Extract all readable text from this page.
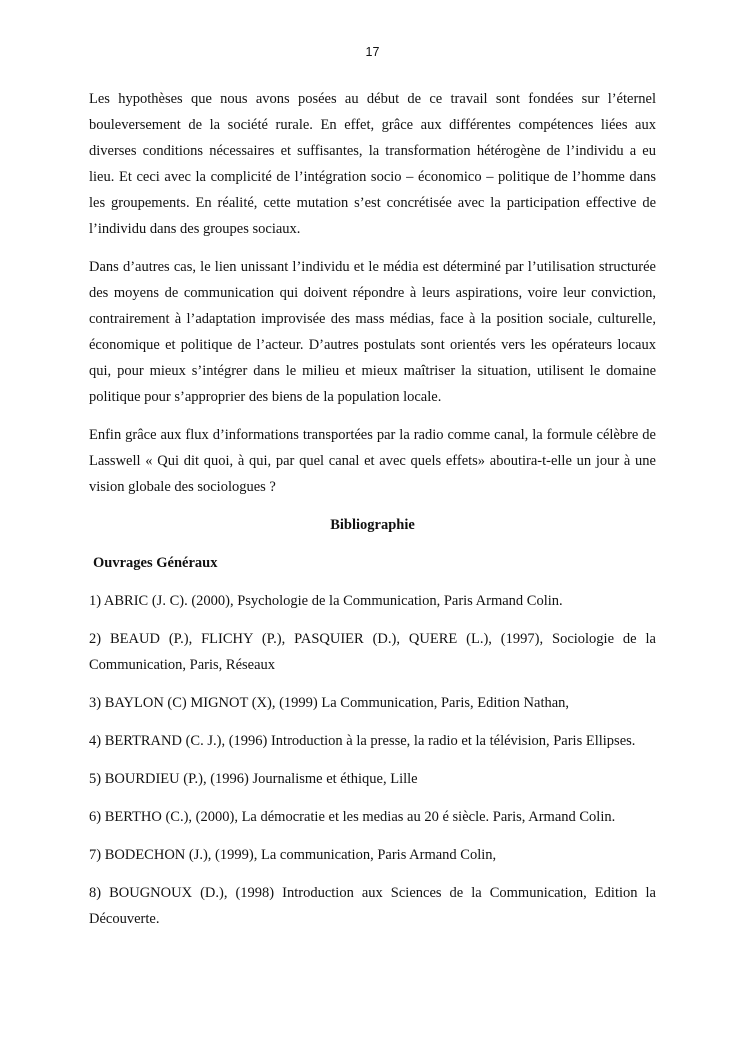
17

Les hypothèses que nous avons posées au début de ce travail sont fondées sur l’éternel bouleversement de la société rurale. En effet, grâce aux différentes compétences liées aux diverses conditions nécessaires et suffisantes, la transformation hétérogène de l’individu a eu lieu. Et ceci avec la complicité de l’intégration socio – économico – politique de l’homme dans les groupements. En réalité, cette mutation s’est concrétisée avec la participation effective de l’individu dans des groupes sociaux.

Dans d’autres cas, le lien unissant l’individu et le média est déterminé par l’utilisation structurée des moyens de communication qui doivent répondre à leurs aspirations, voire leur conviction, contrairement à l’adaptation improvisée des mass médias, face à la position sociale, culturelle, économique et politique de l’acteur. D’autres postulats sont orientés vers les opérateurs locaux qui, pour mieux s’intégrer dans le milieu et mieux maîtriser la situation, utilisent le domaine politique pour s’approprier des biens de la population locale.

Enfin grâce aux flux d’informations transportées par la radio comme canal, la formule célèbre de Lasswell « Qui dit quoi, à qui, par quel canal et avec quels effets» aboutira-t-elle un jour à une vision globale des sociologues ?

Bibliographie

Ouvrages Généraux

1) ABRIC (J. C). (2000), Psychologie de la Communication, Paris Armand Colin.

2) BEAUD (P.), FLICHY (P.), PASQUIER (D.), QUERE (L.), (1997), Sociologie de la Communication, Paris, Réseaux

3) BAYLON (C) MIGNOT (X), (1999) La Communication, Paris, Edition Nathan,

4) BERTRAND (C. J.), (1996) Introduction à la presse, la radio et la télévision, Paris Ellipses.

5) BOURDIEU (P.), (1996) Journalisme et éthique, Lille

6) BERTHO (C.), (2000), La démocratie et les medias au 20 é siècle. Paris, Armand Colin.

7) BODECHON (J.), (1999), La communication, Paris Armand Colin,

8) BOUGNOUX (D.), (1998) Introduction aux Sciences de la Communication, Edition la Découverte.
